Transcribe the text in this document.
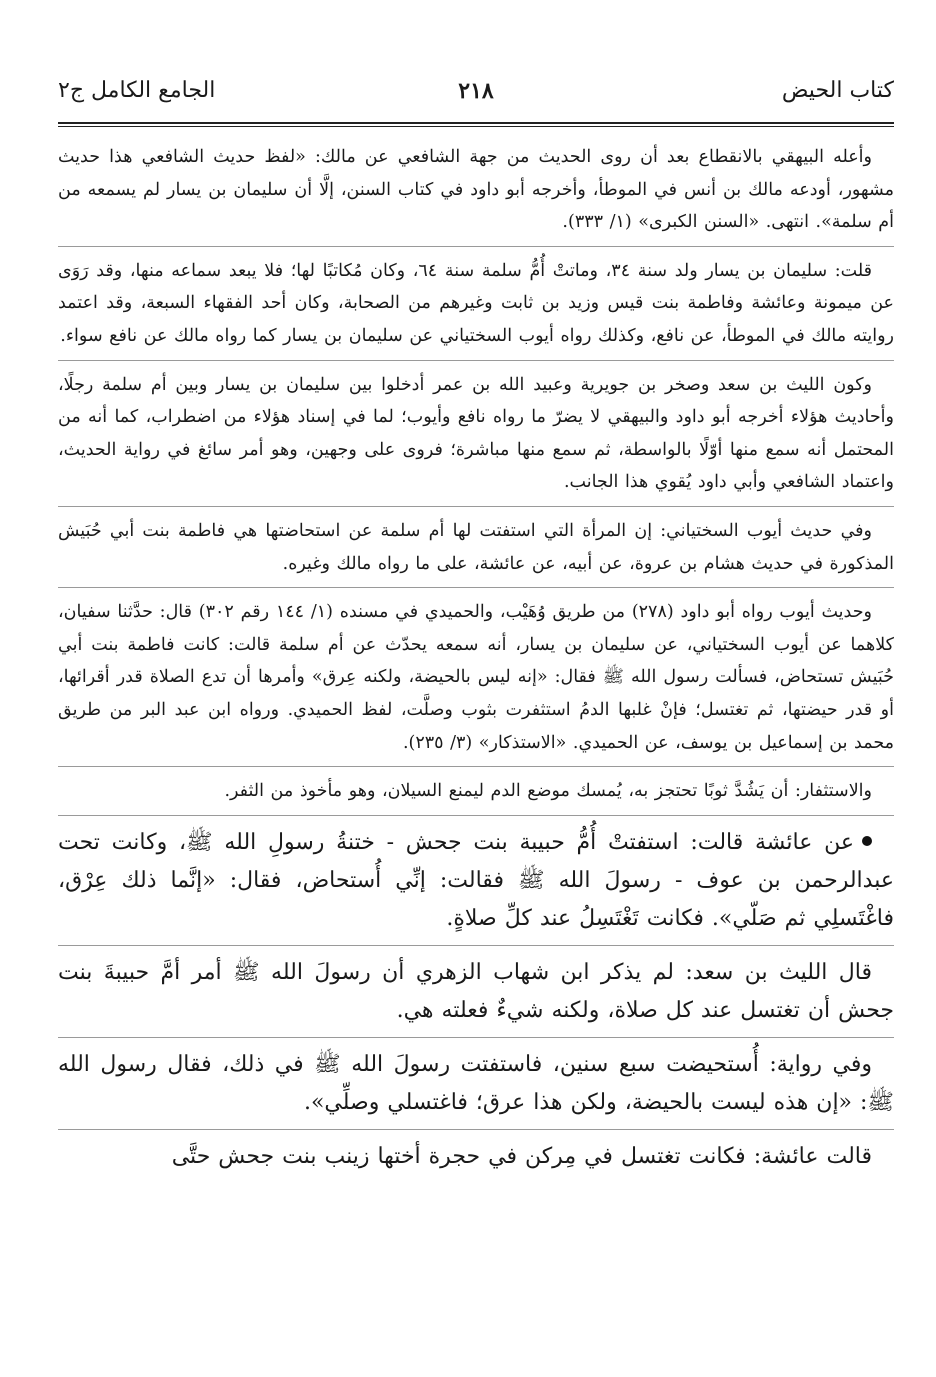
كتاب الحيض
٢١٨
الجامع الكامل ج٢

وأعله البيهقي بالانقطاع بعد أن روى الحديث من جهة الشافعي عن مالك: «لفظ حديث الشافعي هذا حديث مشهور، أودعه مالك بن أنس في الموطأ، وأخرجه أبو داود في كتاب السنن، إلَّا أن سليمان بن يسار لم يسمعه من أم سلمة». انتهى. «السنن الكبرى» (١/ ٣٣٣).

قلت: سليمان بن يسار ولد سنة ٣٤، وماتتْ أُمُّ سلمة سنة ٦٤، وكان مُكاتبًا لها؛ فلا يبعد سماعه منها، وقد رَوَى عن ميمونة وعائشة وفاطمة بنت قيس وزيد بن ثابت وغيرهم من الصحابة، وكان أحد الفقهاء السبعة، وقد اعتمد روايته مالك في الموطأ، عن نافع، وكذلك رواه أيوب السختياني عن سليمان بن يسار كما رواه مالك عن نافع سواء.

وكون الليث بن سعد وصخر بن جويرية وعبيد الله بن عمر أدخلوا بين سليمان بن يسار وبين أم سلمة رجلًا، وأحاديث هؤلاء أخرجه أبو داود والبيهقي لا يضرّ ما رواه نافع وأيوب؛ لما في إسناد هؤلاء من اضطراب، كما أنه من المحتمل أنه سمع منها أوّلًا بالواسطة، ثم سمع منها مباشرة؛ فروى على وجهين، وهو أمر سائغ في رواية الحديث، واعتماد الشافعي وأبي داود يُقوي هذا الجانب.

وفي حديث أيوب السختياني: إن المرأة التي استفتت لها أم سلمة عن استحاضتها هي فاطمة بنت أبي حُبَيش المذكورة في حديث هشام بن عروة، عن أبيه، عن عائشة، على ما رواه مالك وغيره.

وحديث أيوب رواه أبو داود (٢٧٨) من طريق وُهَيْب، والحميدي في مسنده (١/ ١٤٤ رقم ٣٠٢) قال: حدَّثنا سفيان، كلاهما عن أيوب السختياني، عن سليمان بن يسار، أنه سمعه يحدّث عن أم سلمة قالت: كانت فاطمة بنت أبي حُبَيش تستحاض، فسألت رسول الله ﷺ فقال: «إنه ليس بالحيضة، ولكنه عِرق» وأمرها أن تدع الصلاة قدر أقرائها، أو قدر حيضتها، ثم تغتسل؛ فإنْ غلبها الدمُ استثفرت بثوب وصلَّت، لفظ الحميدي. ورواه ابن عبد البر من طريق محمد بن إسماعيل بن يوسف، عن الحميدي. «الاستذكار» (٣/ ٢٣٥).

والاستثفار: أن يَشُدَّ ثوبًا تحتجز به، يُمسك موضع الدم ليمنع السيلان، وهو مأخوذ من الثفر.

عن عائشة قالت: استفتتْ أُمُّ حبيبة بنت جحش - ختنةُ رسولِ الله ﷺ، وكانت تحت عبدالرحمن بن عوف - رسولَ الله ﷺ فقالت: إنِّي أُستحاض، فقال: «إنَّما ذلك عِرْق، فاغْتَسلِي ثم صَلّي». فكانت تَغْتَسِلُ عند كلِّ صلاةٍ.

قال الليث بن سعد: لم يذكر ابن شهاب الزهري أن رسولَ الله ﷺ أمر أمَّ حبيبةَ بنت جحش أن تغتسل عند كل صلاة، ولكنه شيءٌ فعلته هي.

وفي رواية: أُستحيضت سبع سنين، فاستفتت رسولَ الله ﷺ في ذلك، فقال رسول الله ﷺ: «إن هذه ليست بالحيضة، ولكن هذا عرق؛ فاغتسلي وصلِّي».

قالت عائشة: فكانت تغتسل في مِركن في حجرة أختها زينب بنت جحش حتَّى
